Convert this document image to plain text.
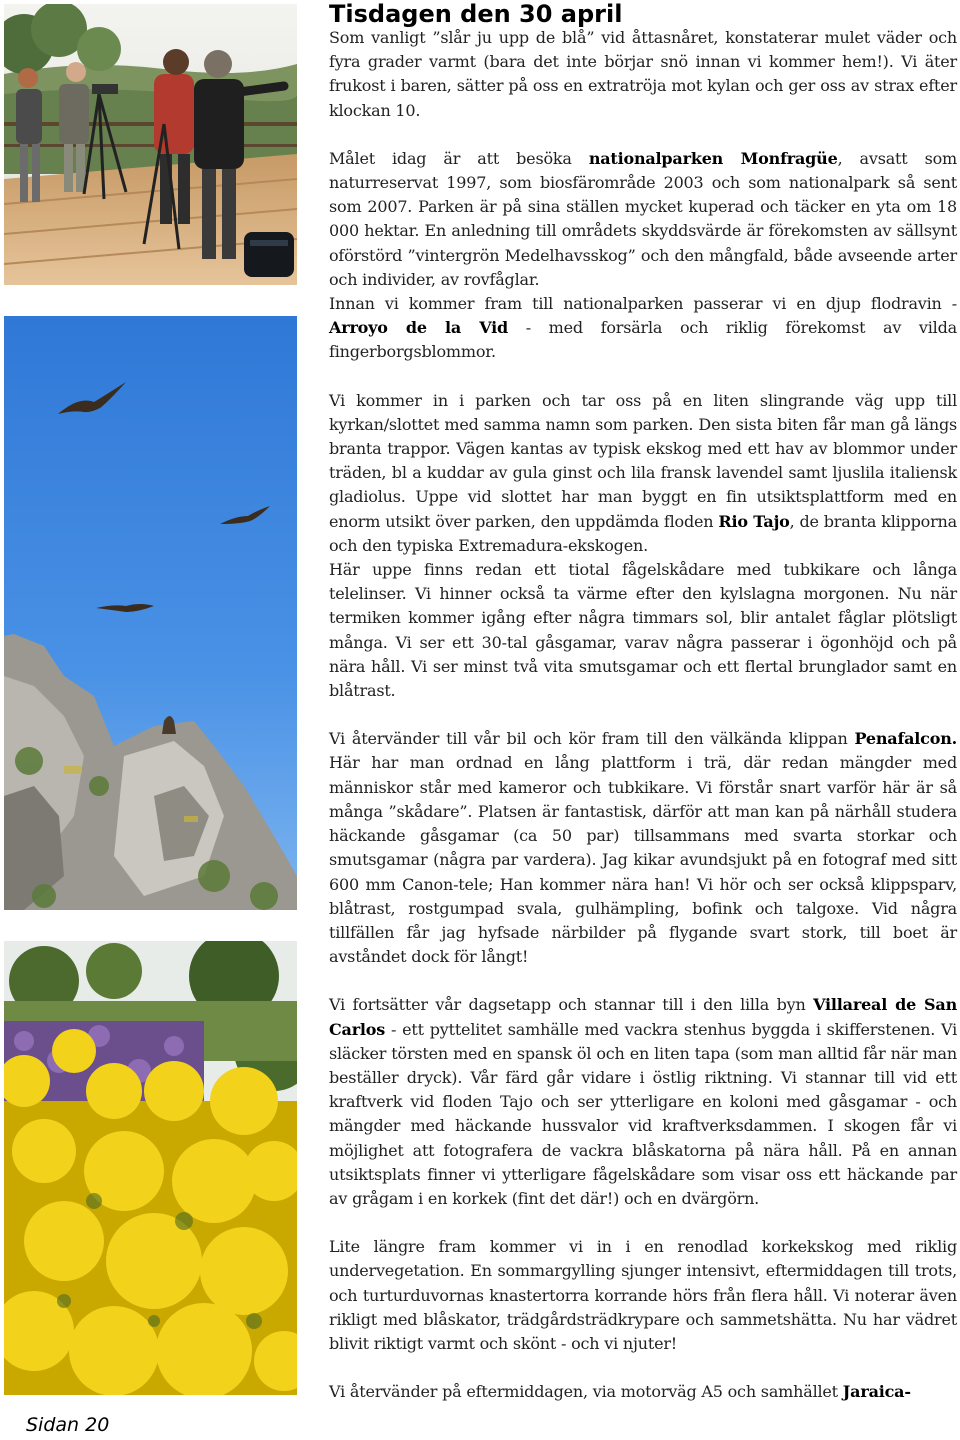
Sidan 20
Tisdagen den 30 april

Som vanligt ”slår ju upp de blå” vid åttasnåret, konstaterar mulet väder och fyra grader varmt (bara det inte börjar snö innan vi kommer hem!). Vi äter frukost i baren, sätter på oss en extratröja mot kylan och ger oss av strax efter klockan 10.

Målet idag är att besöka nationalparken Monfragüe, avsatt som naturreservat 1997, som biosfärområde 2003 och som nationalpark så sent som 2007. Parken är på sina ställen mycket kuperad och täcker en yta om 18 000 hektar. En anledning till områdets skyddsvärde är förekomsten av sällsynt oförstörd ”vintergrön Medelhavsskog” och den mångfald, både avseende arter och individer, av rovfåglar.

Innan vi kommer fram till nationalparken passerar vi en djup flodravin - Arroyo de la Vid - med forsärla och riklig förekomst av vilda fingerborgsblommor.

Vi kommer in i parken och tar oss på en liten slingrande väg upp till kyrkan/slottet med samma namn som parken. Den sista biten får man gå längs branta trappor. Vägen kantas av typisk ekskog med ett hav av blommor under träden, bl a kuddar av gula ginst och lila fransk lavendel samt ljuslila italiensk gladiolus. Uppe vid slottet har man byggt en fin utsiktsplattform med en enorm utsikt över parken, den uppdämda floden Rio Tajo, de branta klipporna och den typiska Extremadura-ekskogen.

Här uppe finns redan ett tiotal fågelskådare med tubkikare och långa telelinser. Vi hinner också ta värme efter den kylslagna morgonen. Nu när termiken kommer igång efter några timmars sol, blir antalet fåglar plötsligt många. Vi ser ett 30-tal gåsgamar, varav några passerar i ögonhöjd och på nära håll. Vi ser minst två vita smutsgamar och ett flertal brunglador samt en blåtrast.

Vi återvänder till vår bil och kör fram till den välkända klippan Penafalcon. Här har man ordnad en lång plattform i trä, där redan mängder med människor står med kameror och tubkikare. Vi förstår snart varför här är så många ”skådare”. Platsen är fantastisk, därför att man kan på närhåll studera häckande gåsgamar (ca 50 par) tillsammans med svarta storkar och smutsgamar (några par vardera). Jag kikar avundsjukt på en fotograf med sitt 600 mm Canon-tele; Han kommer nära han! Vi hör och ser också klippsparv, blåtrast, rostgumpad svala, gulhämpling, bofink och talgoxe. Vid några tillfällen får jag hyfsade närbilder på flygande svart stork, till boet är avståndet dock för långt!

Vi fortsätter vår dagsetapp och stannar till i den lilla byn Villareal de San Carlos - ett pyttelitet samhälle med vackra stenhus byggda i skifferstenen. Vi släcker törsten med en spansk öl och en liten tapa (som man alltid får när man beställer dryck). Vår färd går vidare i östlig riktning. Vi stannar till vid ett kraftverk vid floden Tajo och ser ytterligare en koloni med gåsgamar - och mängder med häckande hussvalor vid kraftverksdammen. I skogen får vi möjlighet att fotografera de vackra blåskatorna på nära håll. På en annan utsiktsplats finner vi ytterligare fågelskådare som visar oss ett häckande par av grågam i en korkek (fint det där!) och en dvärgörn.

Lite längre fram kommer vi in i en renodlad korkekskog med riklig undervegetation. En sommargylling sjunger intensivt, eftermiddagen till trots, och turturduvornas knastertorra korrande hörs från flera håll. Vi noterar även rikligt med blåskator, trädgårdsträdkrypare och sammetshätta. Nu har vädret blivit riktigt varmt och skönt - och vi njuter!

Vi återvänder på eftermiddagen, via motorväg A5 och samhället Jaraica-
